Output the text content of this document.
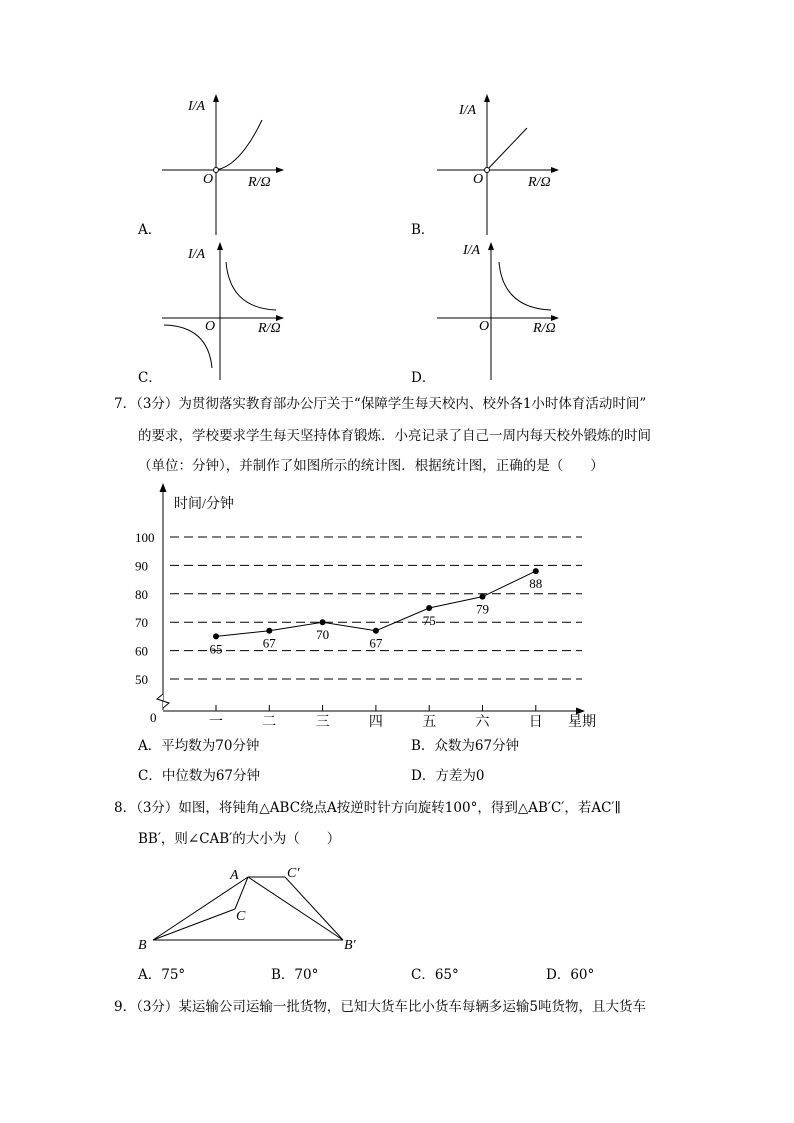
I/A
R/Ω
O
A．
I/A
R/Ω
O
B．
I/A
R/Ω
O
C．
I/A
R/Ω
O
D．
7．（3分）为贯彻落实教育部办公厅关于“保障学生每天校内、校外各1小时体育活动时间”
的要求，学校要求学生每天坚持体育锻炼．小亮记录了自己一周内每天校外锻炼的时间
（单位：分钟），并制作了如图所示的统计图．根据统计图，正确的是（　　）
时间/分钟
星期
0
50
60
70
80
90
100
一	二	三	四	五	六	日
65	67
70
67
75
79
88
A．平均数为70分钟	B．众数为67分钟
C．中位数为67分钟	D．方差为0
8．（3分）如图，将钝角△ABC绕点A按逆时针方向旋转100°，得到△AB′C′，若AC′∥
BB′，则∠CAB′的大小为（　　）
A
B
C
C′
B′
A．75°	B．70°	C．65°	D．60°
9．（3分）某运输公司运输一批货物，已知大货车比小货车每辆多运输5吨货物，且大货车
